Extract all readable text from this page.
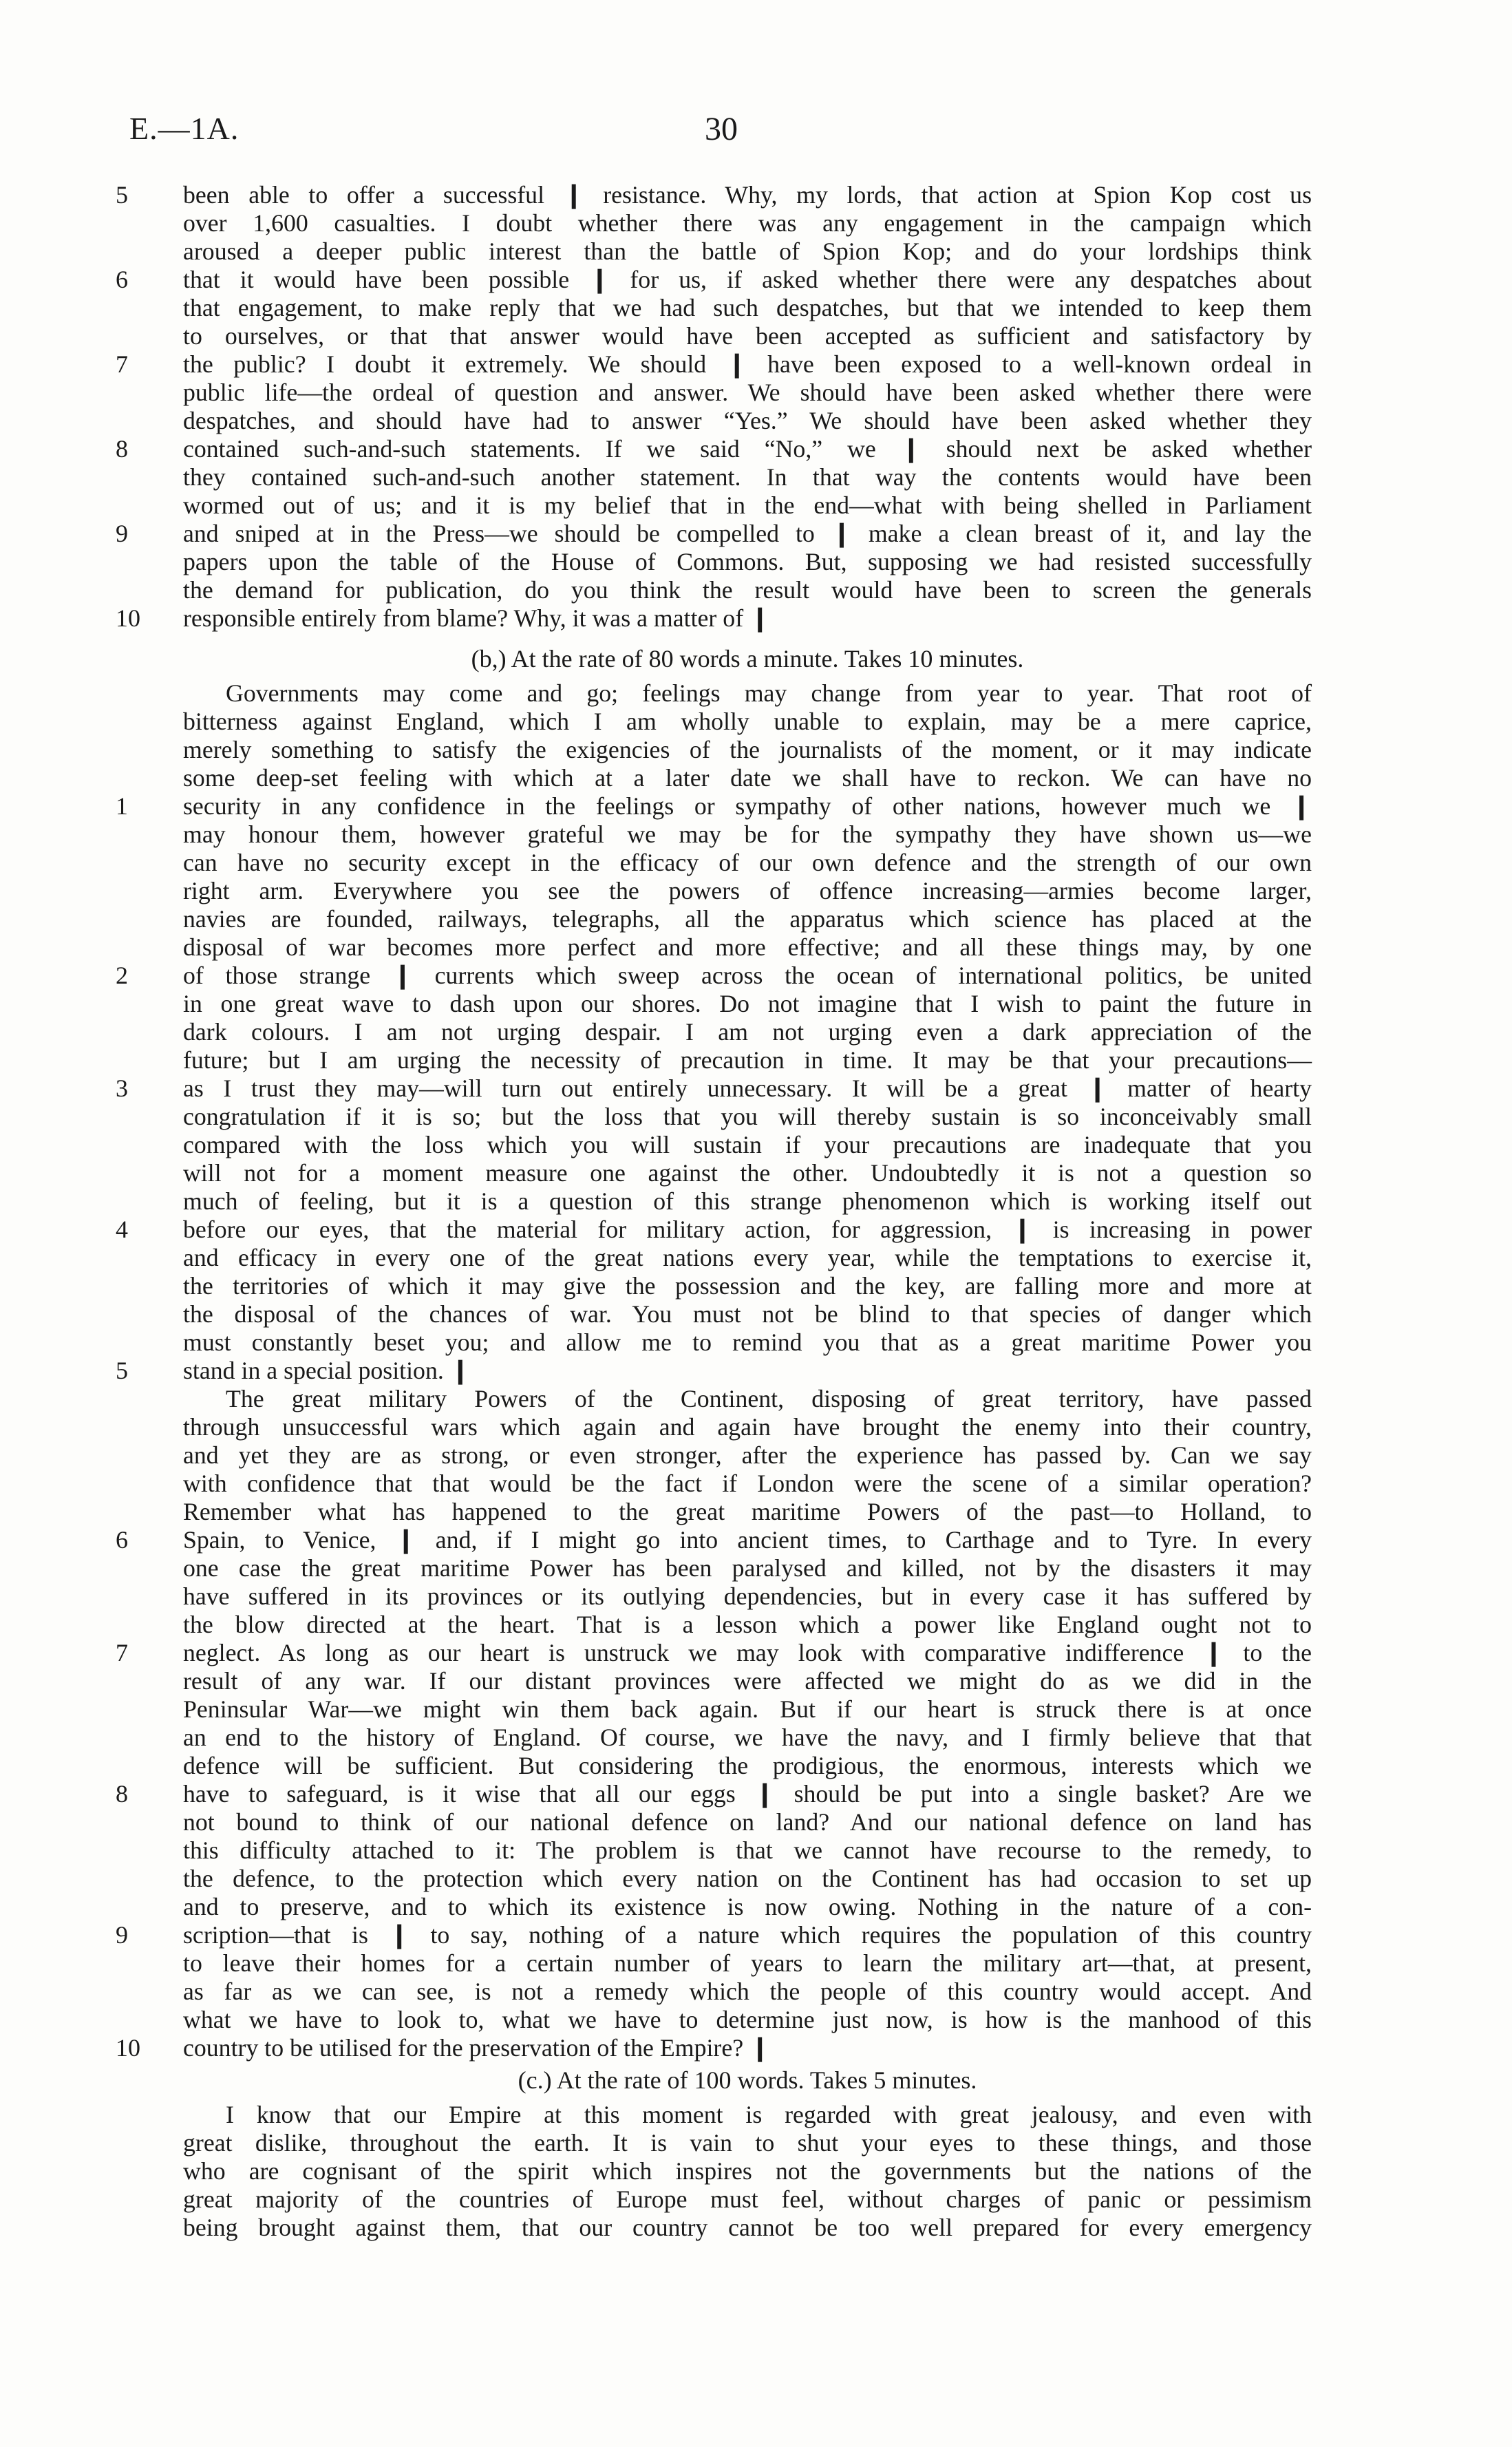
E.—1A.	30
5	been able to offer a successful ❙ resistance. Why, my lords, that action at Spion Kop cost us
over 1,600 casualties. I doubt whether there was any engagement in the campaign which
aroused a deeper public interest than the battle of Spion Kop; and do your lordships think
6	that it would have been possible ❙ for us, if asked whether there were any despatches about
that engagement, to make reply that we had such despatches, but that we intended to keep them
to ourselves, or that that answer would have been accepted as sufficient and satisfactory by
7	the public? I doubt it extremely. We should ❙ have been exposed to a well-known ordeal in
public life—the ordeal of question and answer. We should have been asked whether there were
despatches, and should have had to answer “Yes.” We should have been asked whether they
8	contained such-and-such statements. If we said “No,” we ❙ should next be asked whether
they contained such-and-such another statement. In that way the contents would have been
wormed out of us; and it is my belief that in the end—what with being shelled in Parliament
9	and sniped at in the Press—we should be compelled to ❙ make a clean breast of it, and lay the
papers upon the table of the House of Commons. But, supposing we had resisted successfully
the demand for publication, do you think the result would have been to screen the generals
10 responsible entirely from blame? Why, it was a matter of ❙
(b,) At the rate of 80 words a minute. Takes 10 minutes.
Governments may come and go; feelings may change from year to year. That root of
bitterness against England, which I am wholly unable to explain, may be a mere caprice,
merely something to satisfy the exigencies of the journalists of the moment, or it may indicate
some deep-set feeling with which at a later date we shall have to reckon. We can have no
1	security in any confidence in the feelings or sympathy of other nations, however much we ❙
may honour them, however grateful we may be for the sympathy they have shown us—we
can have no security except in the efficacy of our own defence and the strength of our own
right arm. Everywhere you see the powers of offence increasing—armies become larger,
navies are founded, railways, telegraphs, all the apparatus which science has placed at the
disposal of war becomes more perfect and more effective; and all these things may, by one
2	of those strange ❙ currents which sweep across the ocean of international politics, be united
in one great wave to dash upon our shores. Do not imagine that I wish to paint the future in
dark colours. I am not urging despair. I am not urging even a dark appreciation of the
future; but I am urging the necessity of precaution in time. It may be that your precautions—
3	as I trust they may—will turn out entirely unnecessary. It will be a great ❙ matter of hearty
congratulation if it is so; but the loss that you will thereby sustain is so inconceivably small
compared with the loss which you will sustain if your precautions are inadequate that you
will not for a moment measure one against the other. Undoubtedly it is not a question so
much of feeling, but it is a question of this strange phenomenon which is working itself out
4	before our eyes, that the material for military action, for aggression, ❙ is increasing in power
and efficacy in every one of the great nations every year, while the temptations to exercise it,
the territories of which it may give the possession and the key, are falling more and more at
the disposal of the chances of war. You must not be blind to that species of danger which
must constantly beset you; and allow me to remind you that as a great maritime Power you
5	stand in a special position. ❙
The great military Powers of the Continent, disposing of great territory, have passed
through unsuccessful wars which again and again have brought the enemy into their country,
and yet they are as strong, or even stronger, after the experience has passed by. Can we say
with confidence that that would be the fact if London were the scene of a similar operation?
Remember what has happened to the great maritime Powers of the past—to Holland, to
6	Spain, to Venice, ❙ and, if I might go into ancient times, to Carthage and to Tyre. In every
one case the great maritime Power has been paralysed and killed, not by the disasters it may
have suffered in its provinces or its outlying dependencies, but in every case it has suffered by
the blow directed at the heart. That is a lesson which a power like England ought not to
7	neglect. As long as our heart is unstruck we may look with comparative indifference ❙ to the
result of any war. If our distant provinces were affected we might do as we did in the
Peninsular War—we might win them back again. But if our heart is struck there is at once
an end to the history of England. Of course, we have the navy, and I firmly believe that that
defence will be sufficient. But considering the prodigious, the enormous, interests which we
8	have to safeguard, is it wise that all our eggs ❙ should be put into a single basket? Are we
not bound to think of our national defence on land? And our national defence on land has
this difficulty attached to it: The problem is that we cannot have recourse to the remedy, to
the defence, to the protection which every nation on the Continent has had occasion to set up
and to preserve, and to which its existence is now owing. Nothing in the nature of a con-
9	scription—that is ❙ to say, nothing of a nature which requires the population of this country
to leave their homes for a certain number of years to learn the military art—that, at present,
as far as we can see, is not a remedy which the people of this country would accept. And
what we have to look to, what we have to determine just now, is how is the manhood of this
10 country to be utilised for the preservation of the Empire? ❙
(c.) At the rate of 100 words. Takes 5 minutes.
I know that our Empire at this moment is regarded with great jealousy, and even with
great dislike, throughout the earth. It is vain to shut your eyes to these things, and those
who are cognisant of the spirit which inspires not the governments but the nations of the
great majority of the countries of Europe must feel, without charges of panic or pessimism
being brought against them, that our country cannot be too well prepared for every emergency
